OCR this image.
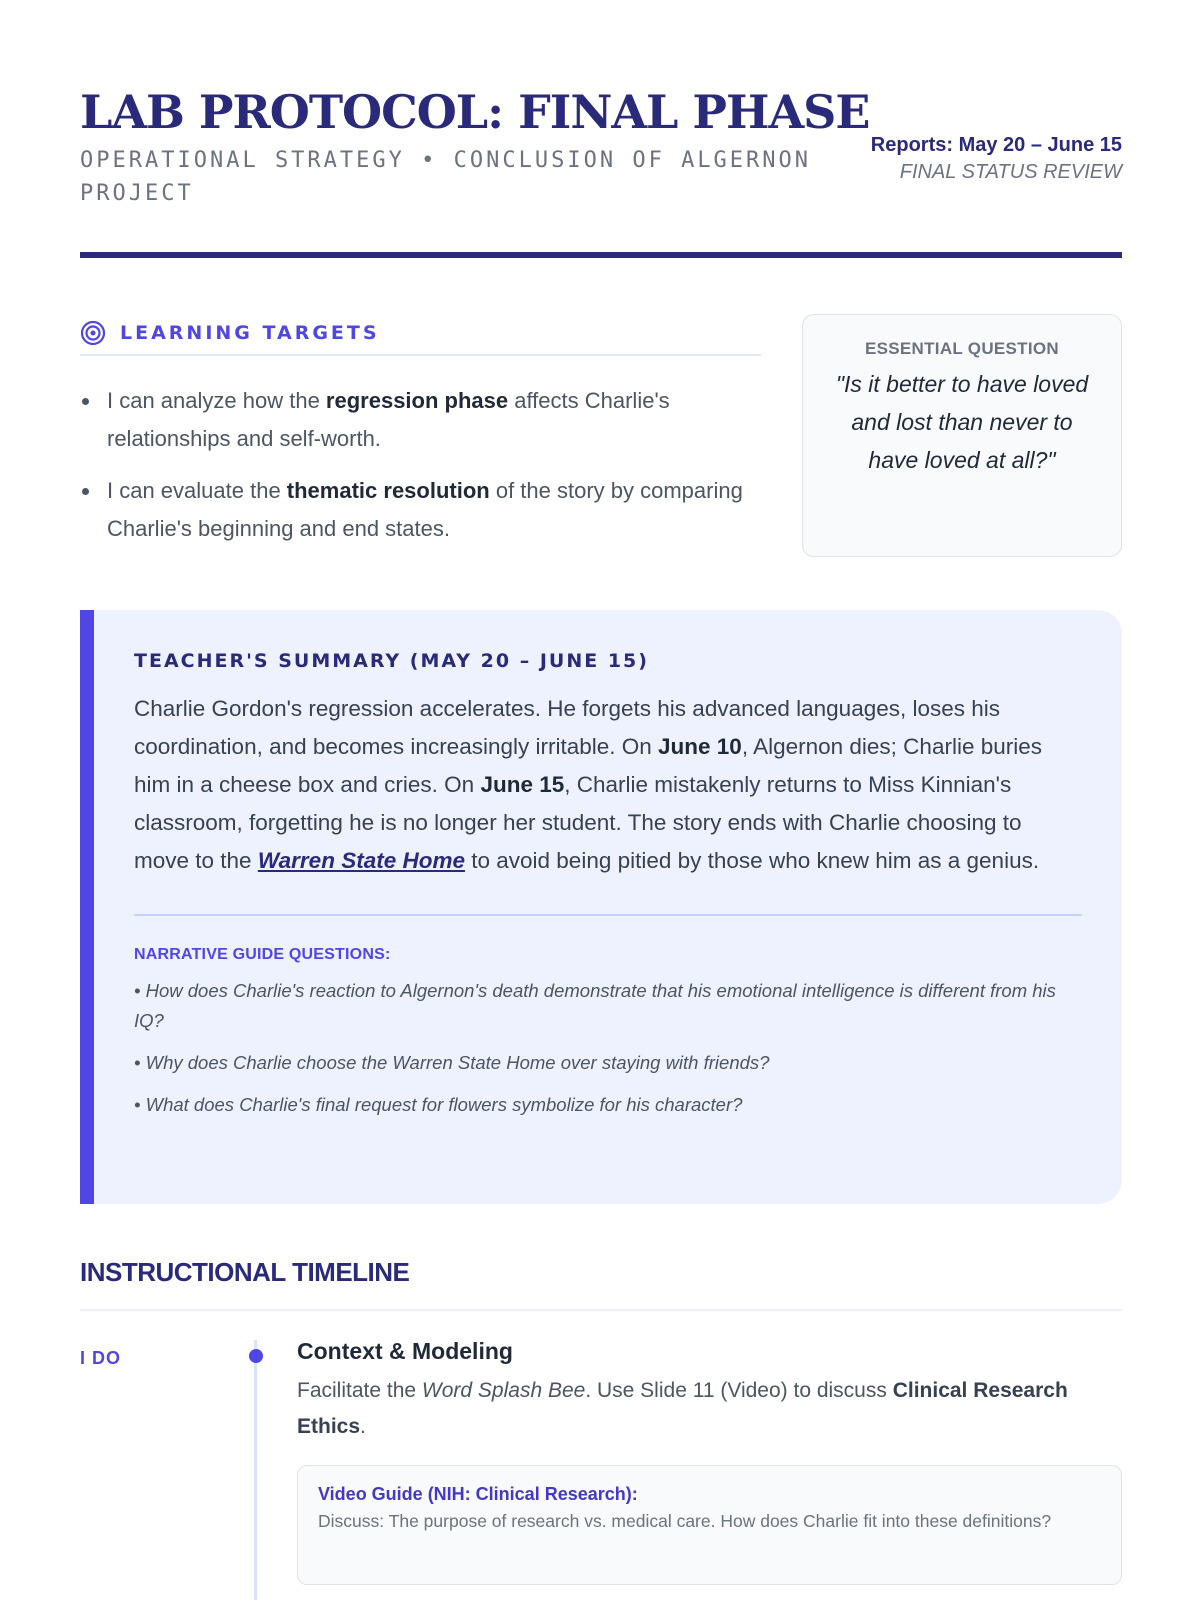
LAB PROTOCOL: FINAL PHASE
OPERATIONAL STRATEGY • CONCLUSION OF ALGERNON PROJECT
Reports: May 20 – June 15
FINAL STATUS REVIEW
LEARNING TARGETS
I can analyze how the regression phase affects Charlie's relationships and self-worth.
I can evaluate the thematic resolution of the story by comparing Charlie's beginning and end states.
ESSENTIAL QUESTION
"Is it better to have loved and lost than never to have loved at all?"
TEACHER'S SUMMARY (MAY 20 – JUNE 15)

Charlie Gordon's regression accelerates. He forgets his advanced languages, loses his coordination, and becomes increasingly irritable. On June 10, Algernon dies; Charlie buries him in a cheese box and cries. On June 15, Charlie mistakenly returns to Miss Kinnian's classroom, forgetting he is no longer her student. The story ends with Charlie choosing to move to the Warren State Home to avoid being pitied by those who knew him as a genius.

NARRATIVE GUIDE QUESTIONS:
• How does Charlie's reaction to Algernon's death demonstrate that his emotional intelligence is different from his IQ?
• Why does Charlie choose the Warren State Home over staying with friends?
• What does Charlie's final request for flowers symbolize for his character?
INSTRUCTIONAL TIMELINE
I DO	Context & Modeling

Facilitate the Word Splash Bee. Use Slide 11 (Video) to discuss Clinical Research Ethics.

Video Guide (NIH: Clinical Research):
Discuss: The purpose of research vs. medical care. How does Charlie fit into these definitions?
